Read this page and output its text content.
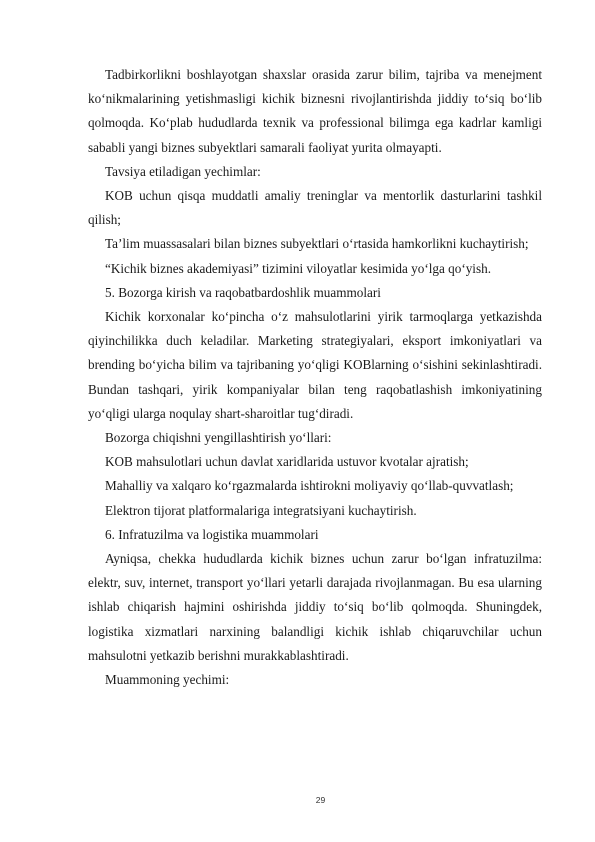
Tadbirkorlikni boshlayotgan shaxslar orasida zarur bilim, tajriba va menejment ko‘nikmalarining yetishmasligi kichik biznesni rivojlantirishda jiddiy to‘siq bo‘lib qolmoqda. Ko‘plab hududlarda texnik va professional bilimga ega kadrlar kamligi sababli yangi biznes subyektlari samarali faoliyat yurita olmayapti.

Tavsiya etiladigan yechimlar:

KOB uchun qisqa muddatli amaliy treninglar va mentorlik dasturlarini tashkil qilish;

Ta’lim muassasalari bilan biznes subyektlari o‘rtasida hamkorlikni kuchaytirish;

“Kichik biznes akademiyasi” tizimini viloyatlar kesimida yo‘lga qo‘yish.

5. Bozorga kirish va raqobatbardoshlik muammolari

Kichik korxonalar ko‘pincha o‘z mahsulotlarini yirik tarmoqlarga yetkazishda qiyinchilikka duch keladilar. Marketing strategiyalari, eksport imkoniyatlari va brending bo‘yicha bilim va tajribaning yo‘qligi KOBlarning o‘sishini sekinlashtiradi. Bundan tashqari, yirik kompaniyalar bilan teng raqobatlashish imkoniyatining yo‘qligi ularga noqulay shart-sharoitlar tug‘diradi.

Bozorga chiqishni yengillashtirish yo‘llari:

KOB mahsulotlari uchun davlat xaridlarida ustuvor kvotalar ajratish;

Mahalliy va xalqaro ko‘rgazmalarda ishtirokni moliyaviy qo‘llab-quvvatlash;

Elektron tijorat platformalariga integratsiyani kuchaytirish.

6. Infratuzilma va logistika muammolari

Ayniqsa, chekka hududlarda kichik biznes uchun zarur bo‘lgan infratuzilma: elektr, suv, internet, transport yo‘llari yetarli darajada rivojlanmagan. Bu esa ularning ishlab chiqarish hajmini oshirishda jiddiy to‘siq bo‘lib qolmoqda. Shuningdek, logistika xizmatlari narxining balandligi kichik ishlab chiqaruvchilar uchun mahsulotni yetkazib berishni murakkablashtiradi.

Muammoning yechimi:

29
